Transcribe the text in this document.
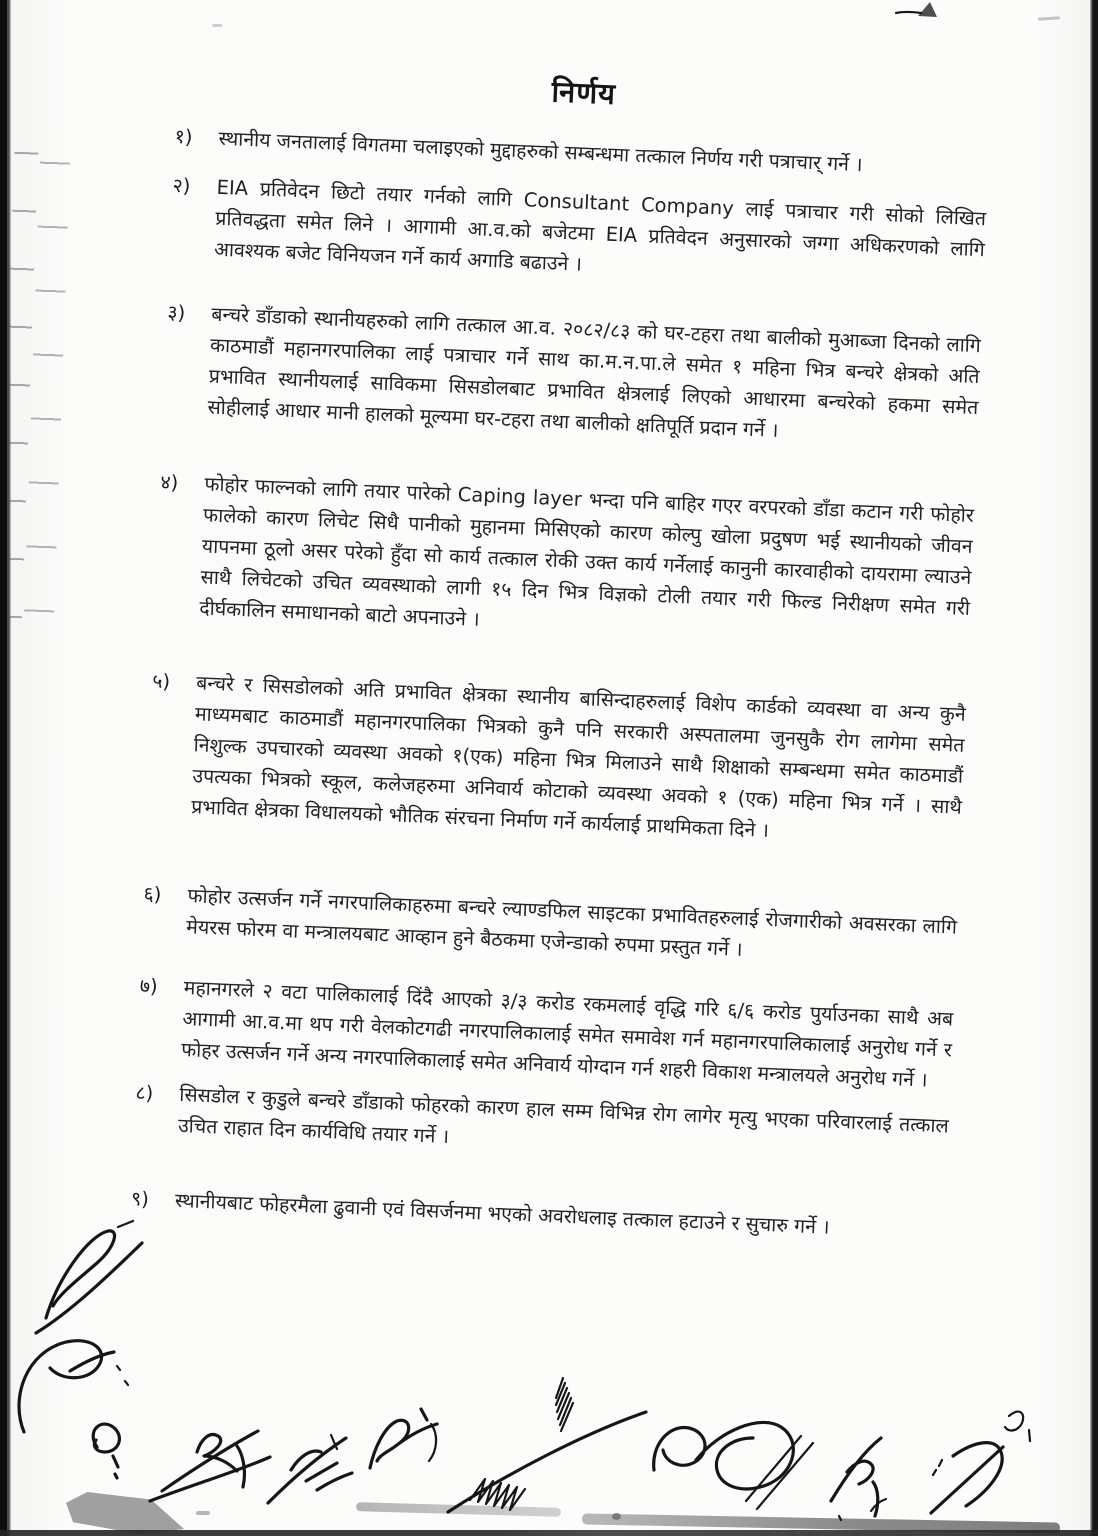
निर्णय
१)	स्थानीय जनतालाई विगतमा चलाइएको मुद्दाहरुको सम्बन्धमा तत्काल निर्णय गरी पत्राचार् गर्ने ।
२)	EIA प्रतिवेदन छिटो तयार गर्नको लागि Consultant Company लाई पत्राचार गरी सोको लिखित प्रतिवद्धता समेत लिने । आगामी आ.व.को बजेटमा EIA प्रतिवेदन अनुसारको जग्गा अधिकरणको लागि आवश्यक बजेट विनियजन गर्ने कार्य अगाडि बढाउने ।
३)	बन्चरे डाँडाको स्थानीयहरुको लागि तत्काल आ.व. २०८२/८३ को घर-टहरा तथा बालीको मुआब्जा दिनको लागि काठमाडौं महानगरपालिका लाई पत्राचार गर्ने साथ का.म.न.पा.ले समेत १ महिना भित्र बन्चरे क्षेत्रको अति प्रभावित स्थानीयलाई साविकमा सिसडोलबाट प्रभावित क्षेत्रलाई लिएको आधारमा बन्चरेको हकमा समेत सोहीलाई आधार मानी हालको मूल्यमा घर-टहरा तथा बालीको क्षतिपूर्ति प्रदान गर्ने ।
४)	फोहोर फाल्नको लागि तयार पारेको Caping layer भन्दा पनि बाहिर गएर वरपरको डाँडा कटान गरी फोहोर फालेको कारण लिचेट सिधै पानीको मुहानमा मिसिएको कारण कोल्पु खोला प्रदुषण भई स्थानीयको जीवन यापनमा ठूलो असर परेको हुँदा सो कार्य तत्काल रोकी उक्त कार्य गर्नेलाई कानुनी कारवाहीको दायरामा ल्याउने साथै लिचेटको उचित व्यवस्थाको लागी १५ दिन भित्र विज्ञको टोली तयार गरी फिल्ड निरीक्षण समेत गरी दीर्घकालिन समाधानको बाटो अपनाउने ।
५)	बन्चरे र सिसडोलको अति प्रभावित क्षेत्रका स्थानीय बासिन्दाहरुलाई विशेप कार्डको व्यवस्था वा अन्य कुनै माध्यमबाट काठमाडौं महानगरपालिका भित्रको कुनै पनि सरकारी अस्पतालमा जुनसुकै रोग लागेमा समेत निशुल्क उपचारको व्यवस्था अवको १(एक) महिना भित्र मिलाउने साथै शिक्षाको सम्बन्धमा समेत काठमाडौं उपत्यका भित्रको स्कूल, कलेजहरुमा अनिवार्य कोटाको व्यवस्था अवको १ (एक) महिना भित्र गर्ने । साथै प्रभावित क्षेत्रका विधालयको भौतिक संरचना निर्माण गर्ने कार्यलाई प्राथमिकता दिने ।
६)	फोहोर उत्सर्जन गर्ने नगरपालिकाहरुमा बन्चरे ल्याण्डफिल साइटका प्रभावितहरुलाई रोजगारीको अवसरका लागि मेयरस फोरम वा मन्त्रालयबाट आव्हान हुने बैठकमा एजेन्डाको रुपमा प्रस्तुत गर्ने ।
७)	महानगरले २ वटा पालिकालाई दिंदै आएको ३/३ करोड रकमलाई वृद्धि गरि ६/६ करोड पुर्याउनका साथै अब आगामी आ.व.मा थप गरी वेलकोटगढी नगरपालिकालाई समेत समावेश गर्न महानगरपालिकालाई अनुरोध गर्ने र फोहर उत्सर्जन गर्ने अन्य नगरपालिकालाई समेत अनिवार्य योग्दान गर्न शहरी विकाश मन्त्रालयले अनुरोध गर्ने ।
८)	सिसडोल र कुडुले बन्चरे डाँडाको फोहरको कारण हाल सम्म विभिन्न रोग लागेर मृत्यु भएका परिवारलाई तत्काल उचित राहात दिन कार्यविधि तयार गर्ने ।
९)	स्थानीयबाट फोहरमैला ढुवानी एवं विसर्जनमा भएको अवरोधलाइ तत्काल हटाउने र सुचारु गर्ने ।
